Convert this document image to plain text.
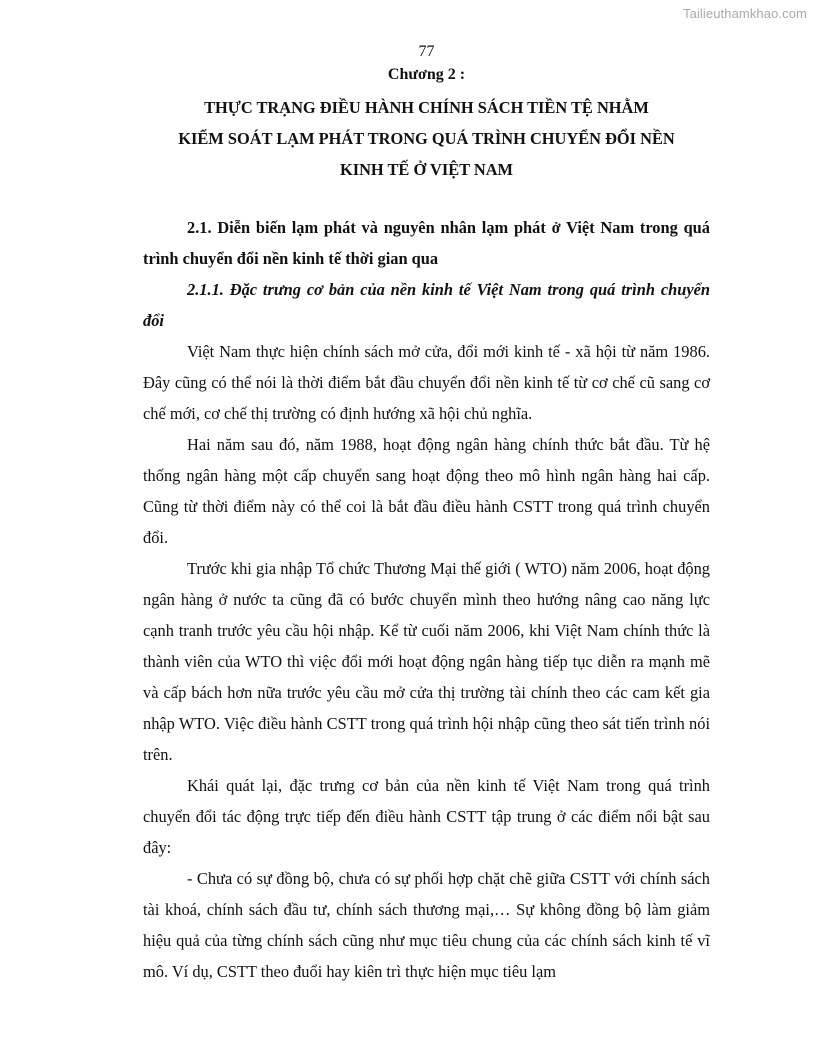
Tailieuthamkhao.com
77
Chương 2 :
THỰC TRẠNG ĐIỀU HÀNH CHÍNH SÁCH TIỀN TỆ NHẰM
KIỂM SOÁT LẠM PHÁT TRONG QUÁ TRÌNH CHUYỂN ĐỔI NỀN
KINH TẾ Ở VIỆT NAM
2.1. Diễn biến lạm phát và nguyên nhân lạm phát ở Việt Nam trong quá trình chuyển đổi nền kinh tế thời gian qua
2.1.1. Đặc trưng cơ bản của nền kinh tế Việt Nam trong quá trình chuyển đổi

Việt Nam thực hiện chính sách mở cửa, đổi mới kinh tế - xã hội từ năm 1986. Đây cũng có thể nói là thời điểm bắt đầu chuyển đổi nền kinh tế từ cơ chế cũ sang cơ chế mới, cơ chế thị trường có định hướng xã hội chủ nghĩa.

Hai năm sau đó, năm 1988, hoạt động ngân hàng chính thức bắt đầu. Từ hệ thống ngân hàng một cấp chuyển sang hoạt động theo mô hình ngân hàng hai cấp. Cũng từ thời điểm này có thể coi là bắt đầu điều hành CSTT trong quá trình chuyển đổi.

Trước khi gia nhập Tổ chức Thương Mại thế giới ( WTO) năm 2006, hoạt động ngân hàng ở nước ta cũng đã có bước chuyển mình theo hướng nâng cao năng lực cạnh tranh trước yêu cầu hội nhập. Kể từ cuối năm 2006, khi Việt Nam chính thức là thành viên của WTO thì việc đổi mới hoạt động ngân hàng tiếp tục diễn ra mạnh mẽ và cấp bách hơn nữa trước yêu cầu mở cửa thị trường tài chính theo các cam kết gia nhập WTO. Việc điều hành CSTT trong quá trình hội nhập cũng theo sát tiến trình nói trên.

Khái quát lại, đặc trưng cơ bản của nền kinh tế Việt Nam trong quá trình chuyển đổi tác động trực tiếp đến điều hành CSTT tập trung ở các điểm nổi bật sau đây:

- Chưa có sự đồng bộ, chưa có sự phối hợp chặt chẽ giữa CSTT với chính sách tài khoá, chính sách đầu tư, chính sách thương mại,… Sự không đồng bộ làm giảm hiệu quả của từng chính sách cũng như mục tiêu chung của các chính sách kinh tế vĩ mô. Ví dụ, CSTT theo đuổi hay kiên trì thực hiện mục tiêu lạm
